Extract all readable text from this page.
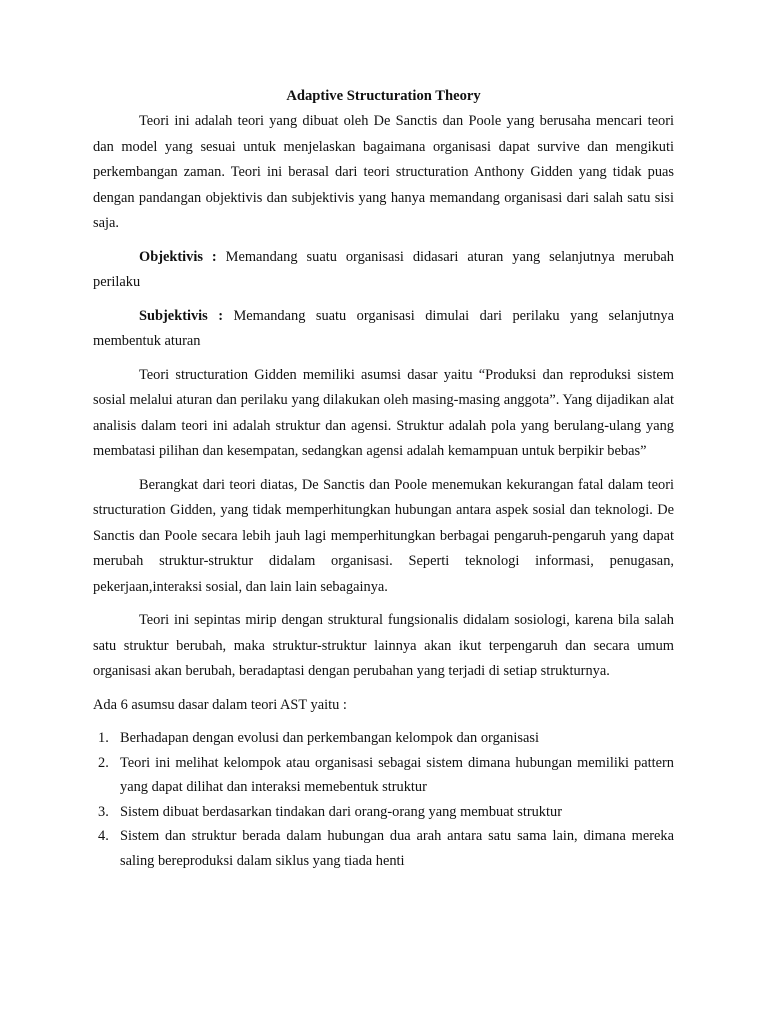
Adaptive Structuration Theory

Teori ini adalah teori yang dibuat oleh De Sanctis dan Poole yang berusaha mencari teori dan model yang sesuai untuk menjelaskan bagaimana organisasi dapat survive dan mengikuti perkembangan zaman. Teori ini berasal dari teori structuration Anthony Gidden yang tidak puas dengan pandangan objektivis dan subjektivis yang hanya memandang organisasi dari salah satu sisi saja.

Objektivis : Memandang suatu organisasi didasari aturan yang selanjutnya merubah perilaku

Subjektivis : Memandang suatu organisasi dimulai dari perilaku yang selanjutnya membentuk aturan

Teori structuration Gidden memiliki asumsi dasar yaitu “Produksi dan reproduksi sistem sosial melalui aturan dan perilaku yang dilakukan oleh masing-masing anggota”. Yang dijadikan alat analisis dalam teori ini adalah struktur dan agensi. Struktur adalah pola yang berulang-ulang yang membatasi pilihan dan kesempatan, sedangkan agensi adalah kemampuan untuk berpikir bebas”

Berangkat dari teori diatas, De Sanctis dan Poole menemukan kekurangan fatal dalam teori structuration Gidden, yang tidak memperhitungkan hubungan antara aspek sosial dan teknologi. De Sanctis dan Poole secara lebih jauh lagi memperhitungkan berbagai pengaruh-pengaruh yang dapat merubah struktur-struktur didalam organisasi. Seperti teknologi informasi, penugasan, pekerjaan,interaksi sosial, dan lain lain sebagainya.

Teori ini sepintas mirip dengan struktural fungsionalis didalam sosiologi, karena bila salah satu struktur berubah, maka struktur-struktur lainnya akan ikut terpengaruh dan secara umum organisasi akan berubah, beradaptasi dengan perubahan yang terjadi di setiap strukturnya.

Ada 6 asumsu dasar dalam teori AST yaitu :

1. Berhadapan dengan evolusi dan perkembangan kelompok dan organisasi
2. Teori ini melihat kelompok atau organisasi sebagai sistem dimana hubungan memiliki pattern yang dapat dilihat dan interaksi memebentuk struktur
3. Sistem dibuat berdasarkan tindakan dari orang-orang yang membuat struktur
4. Sistem dan struktur berada dalam hubungan dua arah antara satu sama lain, dimana mereka saling bereproduksi dalam siklus yang tiada henti
